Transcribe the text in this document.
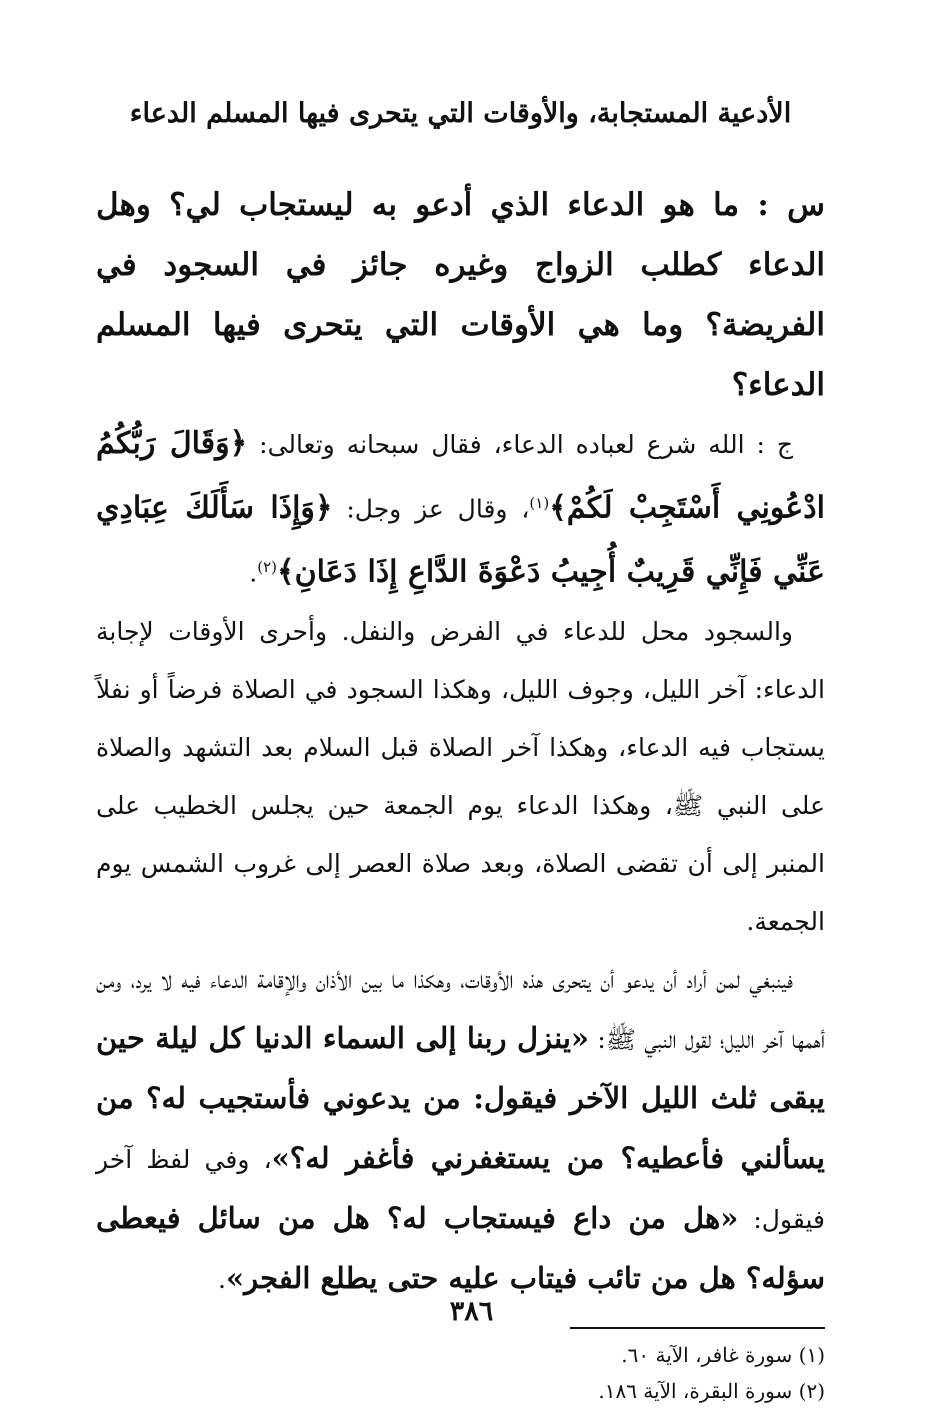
الأدعية المستجابة، والأوقات التي يتحرى فيها المسلم الدعاء

س : ما هو الدعاء الذي أدعو به ليستجاب لي؟ وهل الدعاء كطلب الزواج وغيره جائز في السجود في الفريضة؟ وما هي الأوقات التي يتحرى فيها المسلم الدعاء؟

ج : الله شرع لعباده الدعاء، فقال سبحانه وتعالى: ﴿وَقَالَ رَبُّكُمُ ادْعُونِي أَسْتَجِبْ لَكُمْ﴾$^{(١)}$، وقال عز وجل: ﴿وَإِذَا سَأَلَكَ عِبَادِي عَنِّي فَإِنِّي قَرِيبٌ أُجِيبُ دَعْوَةَ الدَّاعِ إِذَا دَعَانِ﴾$^{(٢)}$.

والسجود محل للدعاء في الفرض والنفل. وأحرى الأوقات لإجابة الدعاء: آخر الليل، وجوف الليل، وهكذا السجود في الصلاة فرضاً أو نفلاً يستجاب فيه الدعاء، وهكذا آخر الصلاة قبل السلام بعد التشهد والصلاة على النبي ﷺ، وهكذا الدعاء يوم الجمعة حين يجلس الخطيب على المنبر إلى أن تقضى الصلاة، وبعد صلاة العصر إلى غروب الشمس يوم الجمعة.

فينبغي لمن أراد أن يدعو أن يتحرى هذه الأوقات، وهكذا ما بين الأذان والإقامة الدعاء فيه لا يرد، ومن أهمها آخر الليل؛ لقول النبي ﷺ: «ينزل ربنا إلى السماء الدنيا كل ليلة حين يبقى ثلث الليل الآخر فيقول: من يدعوني فأستجيب له؟ من يسألني فأعطيه؟ من يستغفرني فأغفر له؟»، وفي لفظ آخر فيقول: «هل من داع فيستجاب له؟ هل من سائل فيعطى سؤله؟ هل من تائب فيتاب عليه حتى يطلع الفجر».

(١) سورة غافر، الآية ٦٠.

(٢) سورة البقرة، الآية ١٨٦.

٣٨٦
